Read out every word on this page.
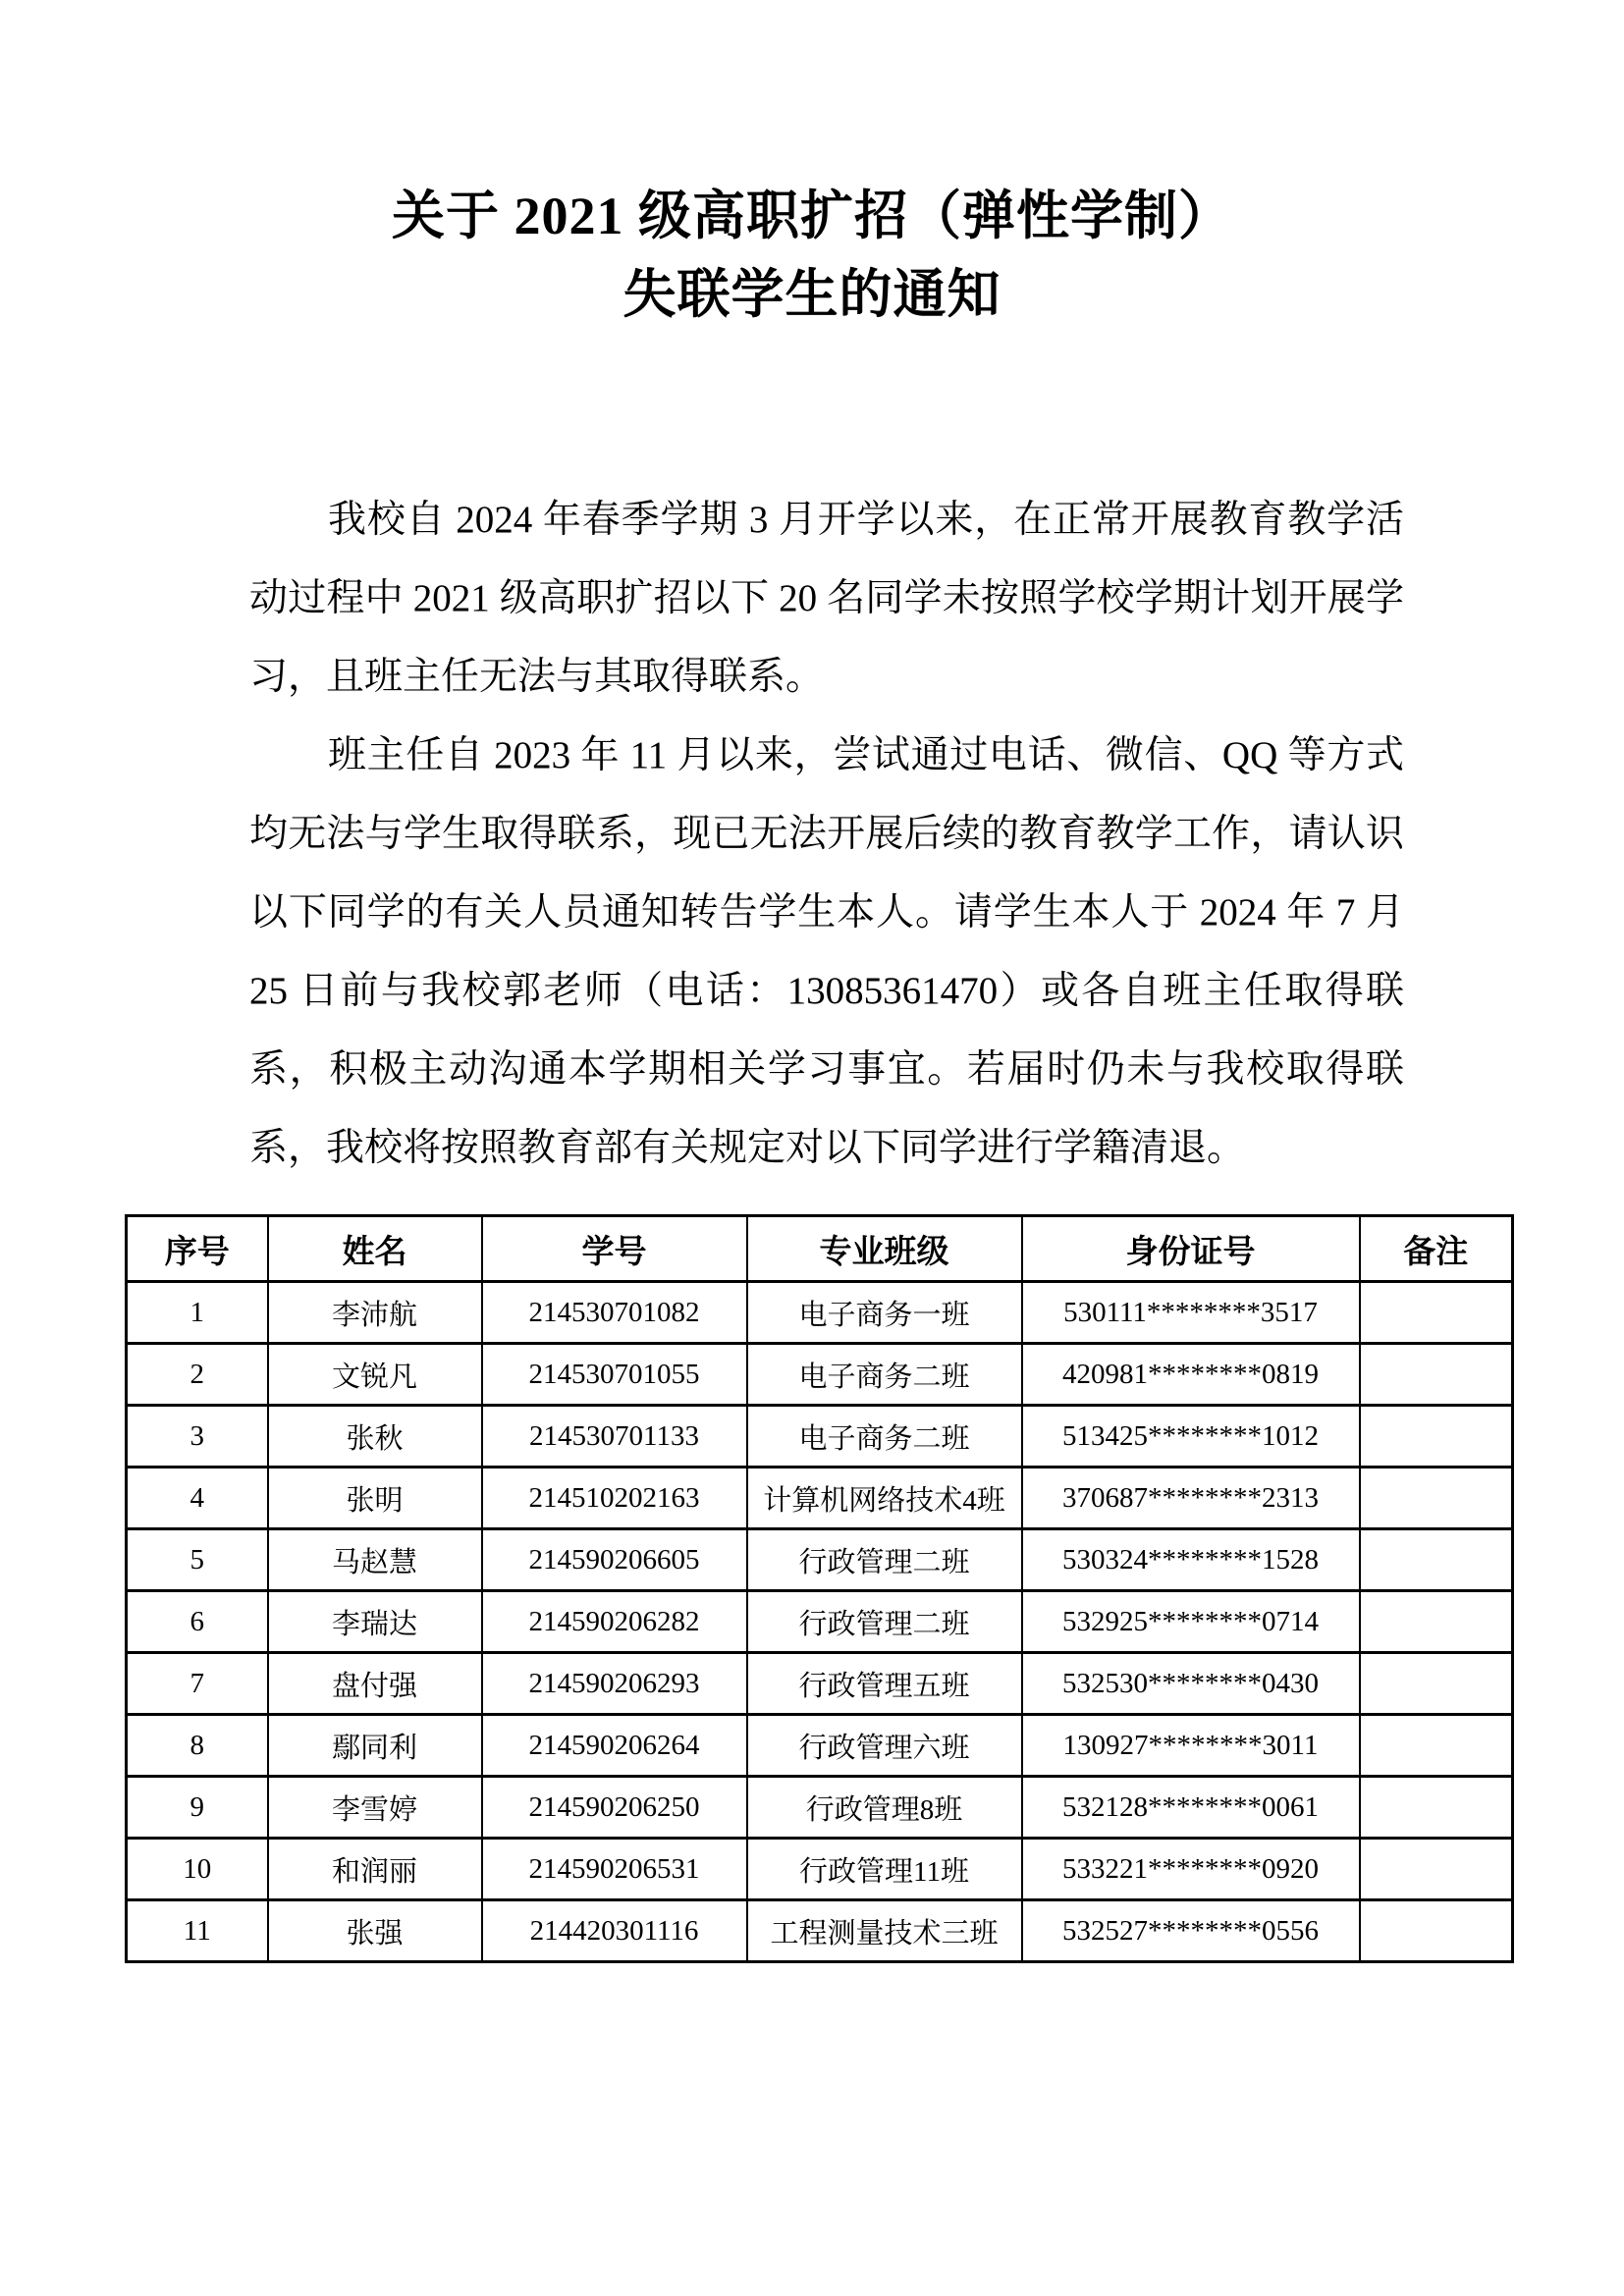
关于 2021 级高职扩招（弹性学制）
失联学生的通知

我校自 2024 年春季学期 3 月开学以来，在正常开展教育教学活动过程中 2021 级高职扩招以下 20 名同学未按照学校学期计划开展学习，且班主任无法与其取得联系。

班主任自 2023 年 11 月以来，尝试通过电话、微信、QQ 等方式均无法与学生取得联系，现已无法开展后续的教育教学工作，请认识以下同学的有关人员通知转告学生本人。请学生本人于 2024 年 7 月 25 日前与我校郭老师（电话：13085361470）或各自班主任取得联系，积极主动沟通本学期相关学习事宜。若届时仍未与我校取得联系，我校将按照教育部有关规定对以下同学进行学籍清退。

序号	姓名	学号	专业班级	身份证号	备注
1	李沛航	214530701082	电子商务一班	530111********3517	
2	文锐凡	214530701055	电子商务二班	420981********0819	
3	张秋	214530701133	电子商务二班	513425********1012	
4	张明	214510202163	计算机网络技术4班	370687********2313	
5	马赵慧	214590206605	行政管理二班	530324********1528	
6	李瑞达	214590206282	行政管理二班	532925********0714	
7	盘付强	214590206293	行政管理五班	532530********0430	
8	鄢同利	214590206264	行政管理六班	130927********3011	
9	李雪婷	214590206250	行政管理8班	532128********0061	
10	和润丽	214590206531	行政管理11班	533221********0920	
11	张强	214420301116	工程测量技术三班	532527********0556	
